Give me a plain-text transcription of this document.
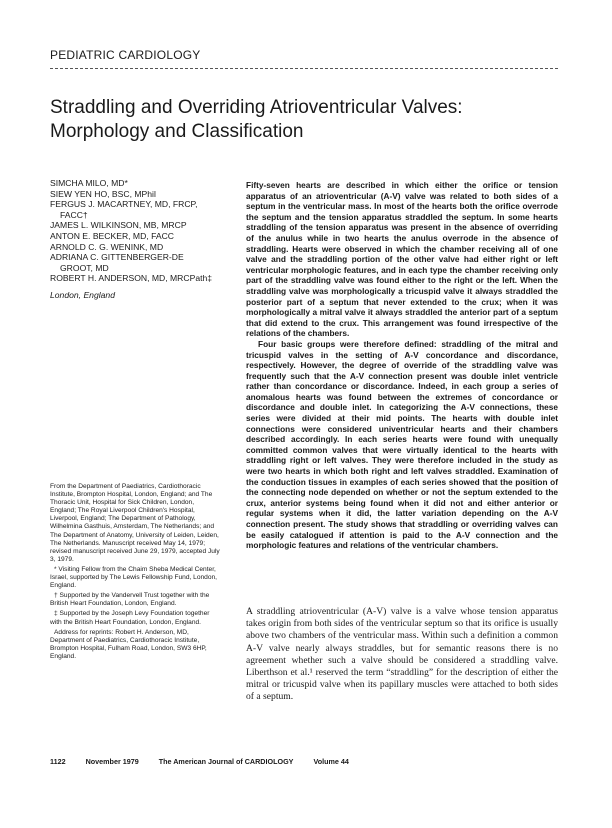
PEDIATRIC CARDIOLOGY
Straddling and Overriding Atrioventricular Valves:
Morphology and Classification
SIMCHA MILO, MD*
SIEW YEN HO, BSC, MPhil
FERGUS J. MACARTNEY, MD, FRCP,
FACC†
JAMES L. WILKINSON, MB, MRCP
ANTON E. BECKER, MD, FACC
ARNOLD C. G. WENINK, MD
ADRIANA C. GITTENBERGER-DE
GROOT, MD
ROBERT H. ANDERSON, MD, MRCPath‡
London, England

Fifty-seven hearts are described in which either the orifice or tension apparatus of an atrioventricular (A-V) valve was related to both sides of a septum in the ventricular mass. In most of the hearts both the orifice overrode the septum and the tension apparatus straddled the septum. In some hearts straddling of the tension apparatus was present in the absence of overriding of the anulus while in two hearts the anulus overrode in the absence of straddling. Hearts were observed in which the chamber receiving all of one valve and the straddling portion of the other valve had either right or left ventricular morphologic features, and in each type the chamber receiving only part of the straddling valve was found either to the right or the left. When the straddling valve was morphologically a tricuspid valve it always straddled the posterior part of a septum that never extended to the crux; when it was morphologically a mitral valve it always straddled the anterior part of a septum that did extend to the crux. This arrangement was found irrespective of the relations of the chambers.

Four basic groups were therefore defined: straddling of the mitral and tricuspid valves in the setting of A-V concordance and discordance, respectively. However, the degree of override of the straddling valve was frequently such that the A-V connection present was double inlet ventricle rather than concordance or discordance. Indeed, in each group a series of anomalous hearts was found between the extremes of concordance or discordance and double inlet. In categorizing the A-V connections, these series were divided at their mid points. The hearts with double inlet connections were considered univentricular hearts and their chambers described accordingly. In each series hearts were found with unequally committed common valves that were virtually identical to the hearts with straddling right or left valves. They were therefore included in the study as were two hearts in which both right and left valves straddled. Examination of the conduction tissues in examples of each series showed that the position of the connecting node depended on whether or not the septum extended to the crux, anterior systems being found when it did not and either anterior or regular systems when it did, the latter variation depending on the A-V connection present. The study shows that straddling or overriding valves can be easily catalogued if attention is paid to the A-V connection and the morphologic features and relations of the ventricular chambers.

From the Department of Paediatrics, Cardiothoracic Institute, Brompton Hospital, London, England; and The Thoracic Unit, Hospital for Sick Children, London, England; The Royal Liverpool Children's Hospital, Liverpool, England; The Department of Pathology, Wilhelmina Gasthuis, Amsterdam, The Netherlands; and The Department of Anatomy, University of Leiden, Leiden, The Netherlands. Manuscript received May 14, 1979; revised manuscript received June 29, 1979, accepted July 3, 1979.

* Visiting Fellow from the Chaim Sheba Medical Center, Israel, supported by The Lewis Fellowship Fund, London, England.

† Supported by the Vandervell Trust together with the British Heart Foundation, London, England.

‡ Supported by the Joseph Levy Foundation together with the British Heart Foundation, London, England.

Address for reprints: Robert H. Anderson, MD, Department of Paediatrics, Cardiothoracic Institute, Brompton Hospital, Fulham Road, London, SW3 6HP, England.

A straddling atrioventricular (A-V) valve is a valve whose tension apparatus takes origin from both sides of the ventricular septum so that its orifice is usually above two chambers of the ventricular mass. Within such a definition a common A-V valve nearly always straddles, but for semantic reasons there is no agreement whether such a valve should be considered a straddling valve. Liberthson et al.¹ reserved the term “straddling” for the description of either the mitral or tricuspid valve when its papillary muscles were attached to both sides of a septum.

1122	November 1979	The American Journal of CARDIOLOGY	Volume 44
